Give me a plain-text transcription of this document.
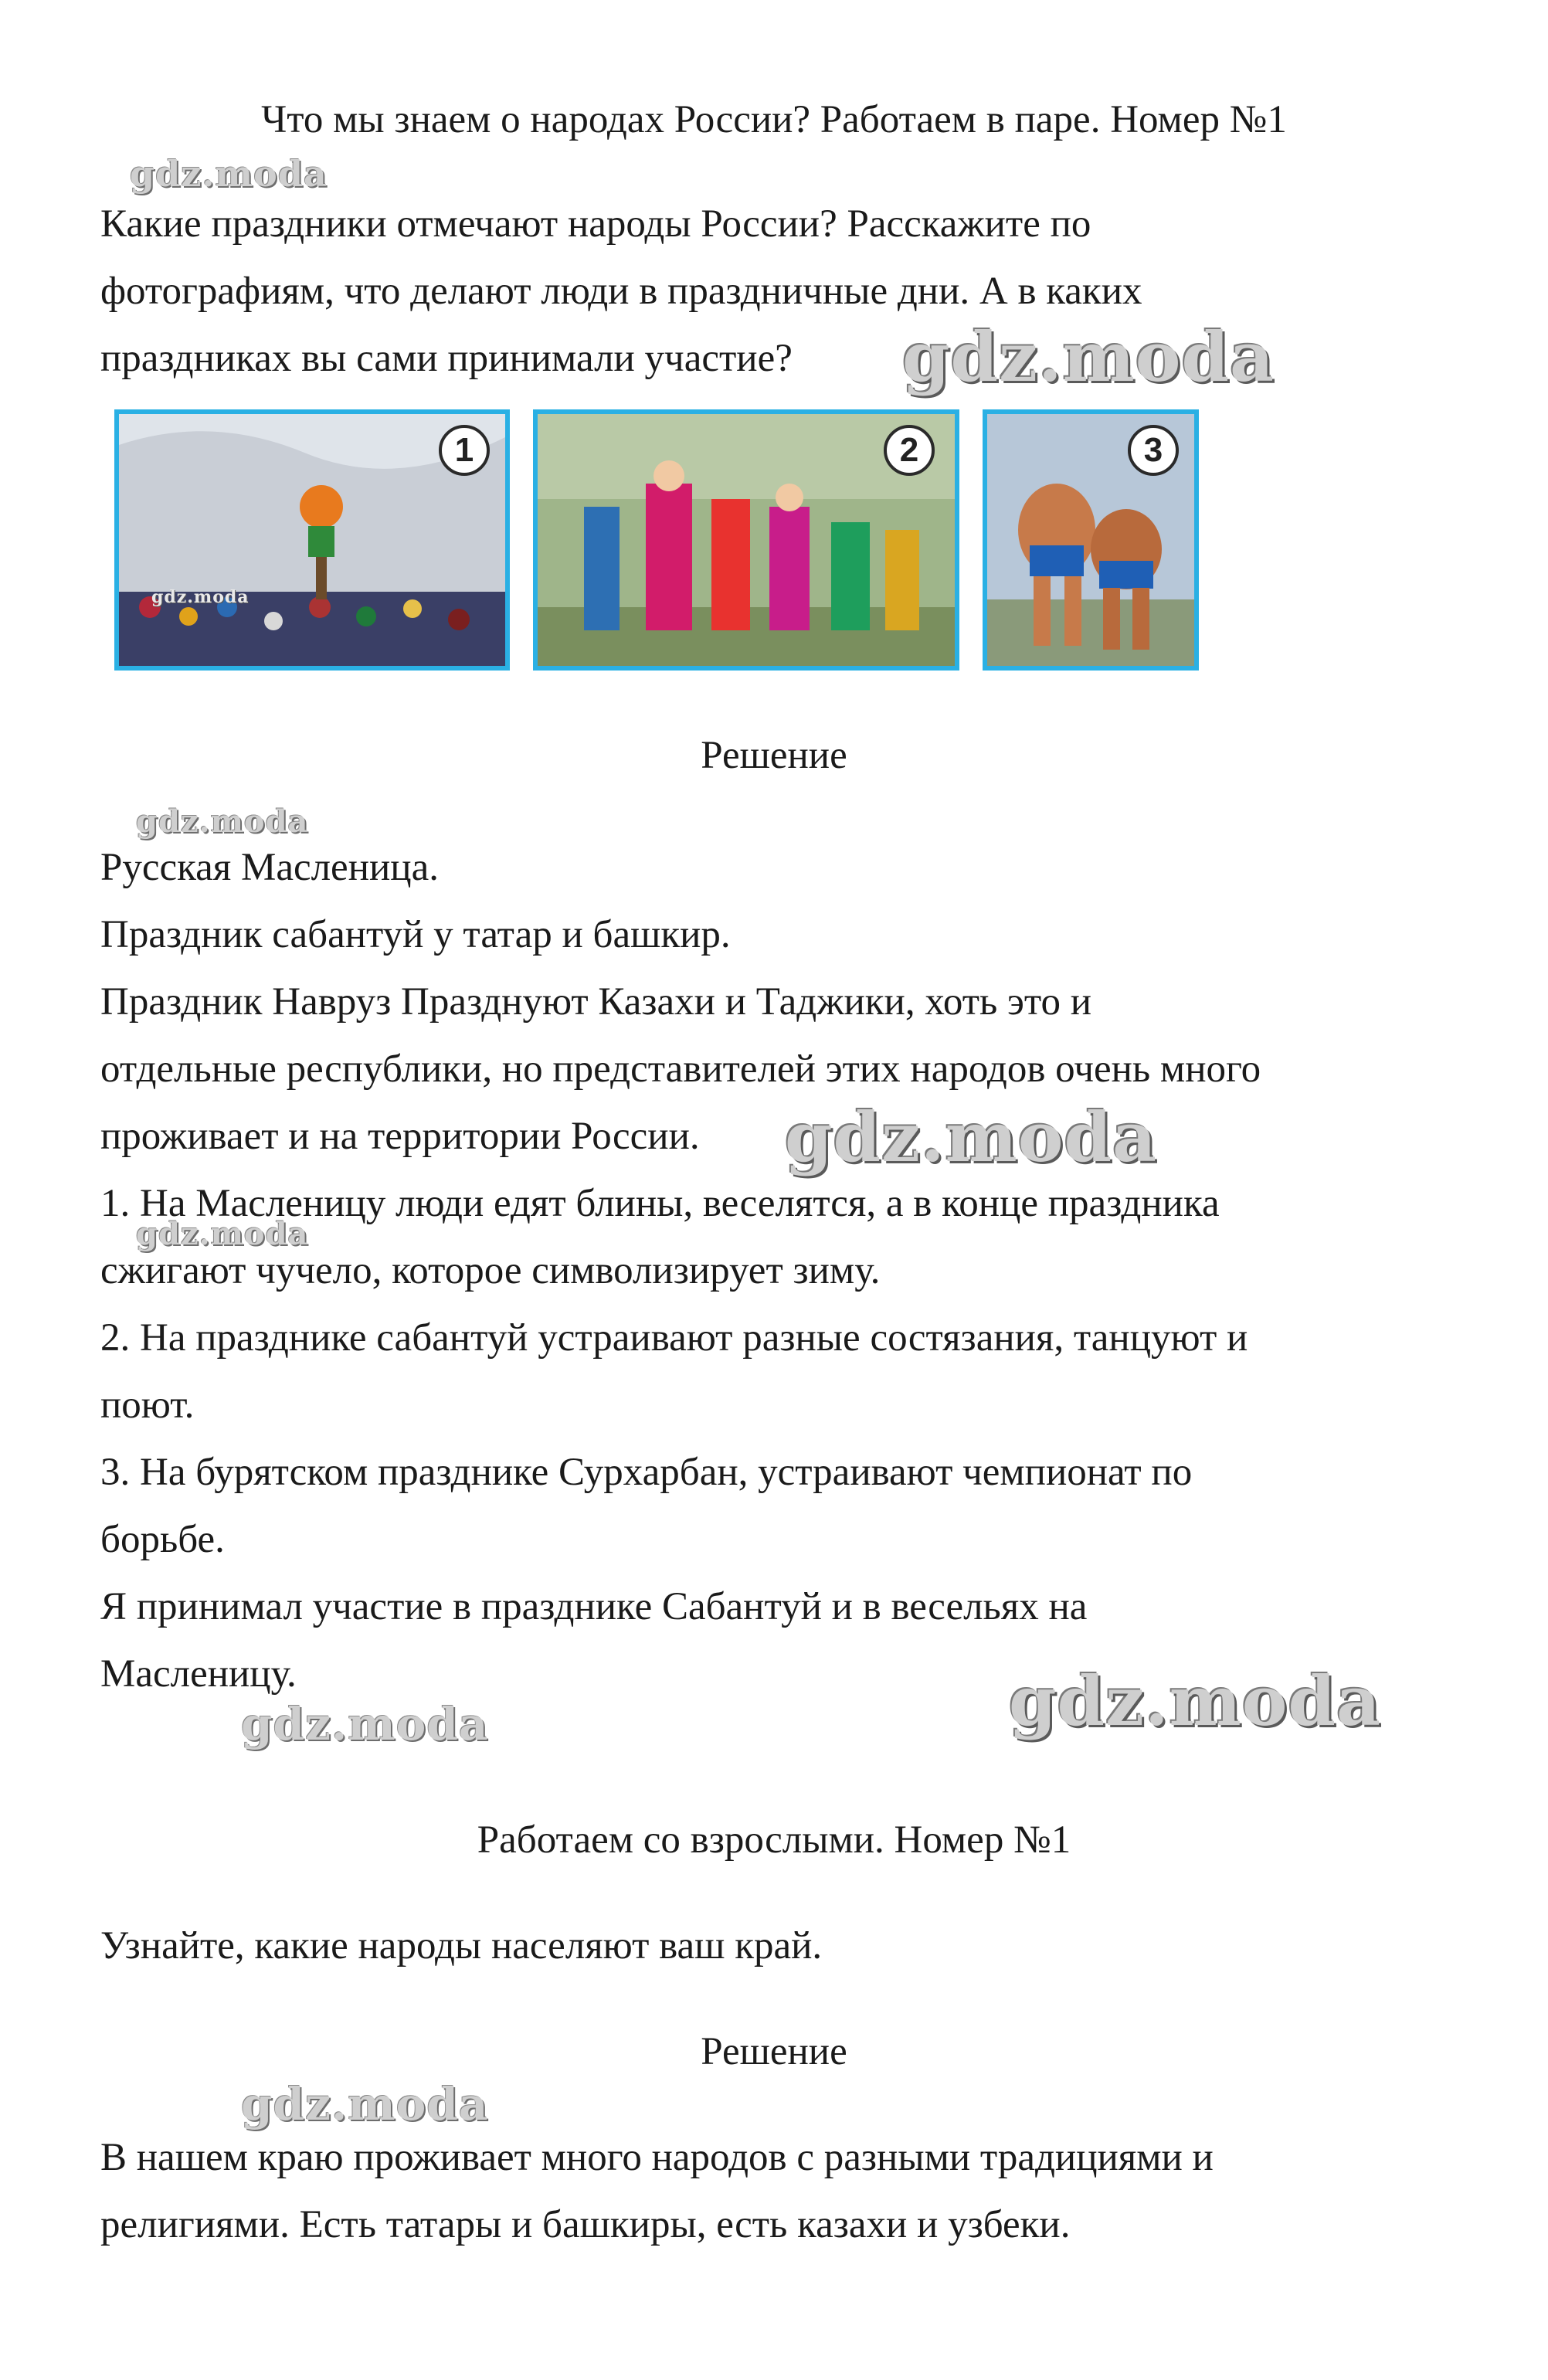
Что мы знаем о народах России? Работаем в паре. Номер №1
Какие праздники отмечают народы России? Расскажите по
фотографиям, что делают люди в праздничные дни. А в каких
праздниках вы сами принимали участие?
1	2	3
Решение
Русская Масленица.
Праздник сабантуй у татар и башкир.
Праздник Навруз Празднуют Казахи и Таджики, хоть это и
отдельные республики, но представителей этих народов очень много
проживает и на территории России.
1. На Масленицу люди едят блины, веселятся, а в конце праздника
сжигают чучело, которое символизирует зиму.
2. На празднике сабантуй устраивают разные состязания, танцуют и
поют.
3. На бурятском празднике Сурхарбан, устраивают чемпионат по
борьбе.
Я принимал участие в празднике Сабантуй и в весельях на
Масленицу.
Работаем со взрослыми. Номер №1
Узнайте, какие народы населяют ваш край.
Решение
В нашем краю проживает много народов с разными традициями и
религиями. Есть татары и башкиры, есть казахи и узбеки.
gdz.moda
gdz.moda
gdz.moda
gdz.moda
gdz.moda
gdz.moda
gdz.moda
gdz.moda
gdz.moda
